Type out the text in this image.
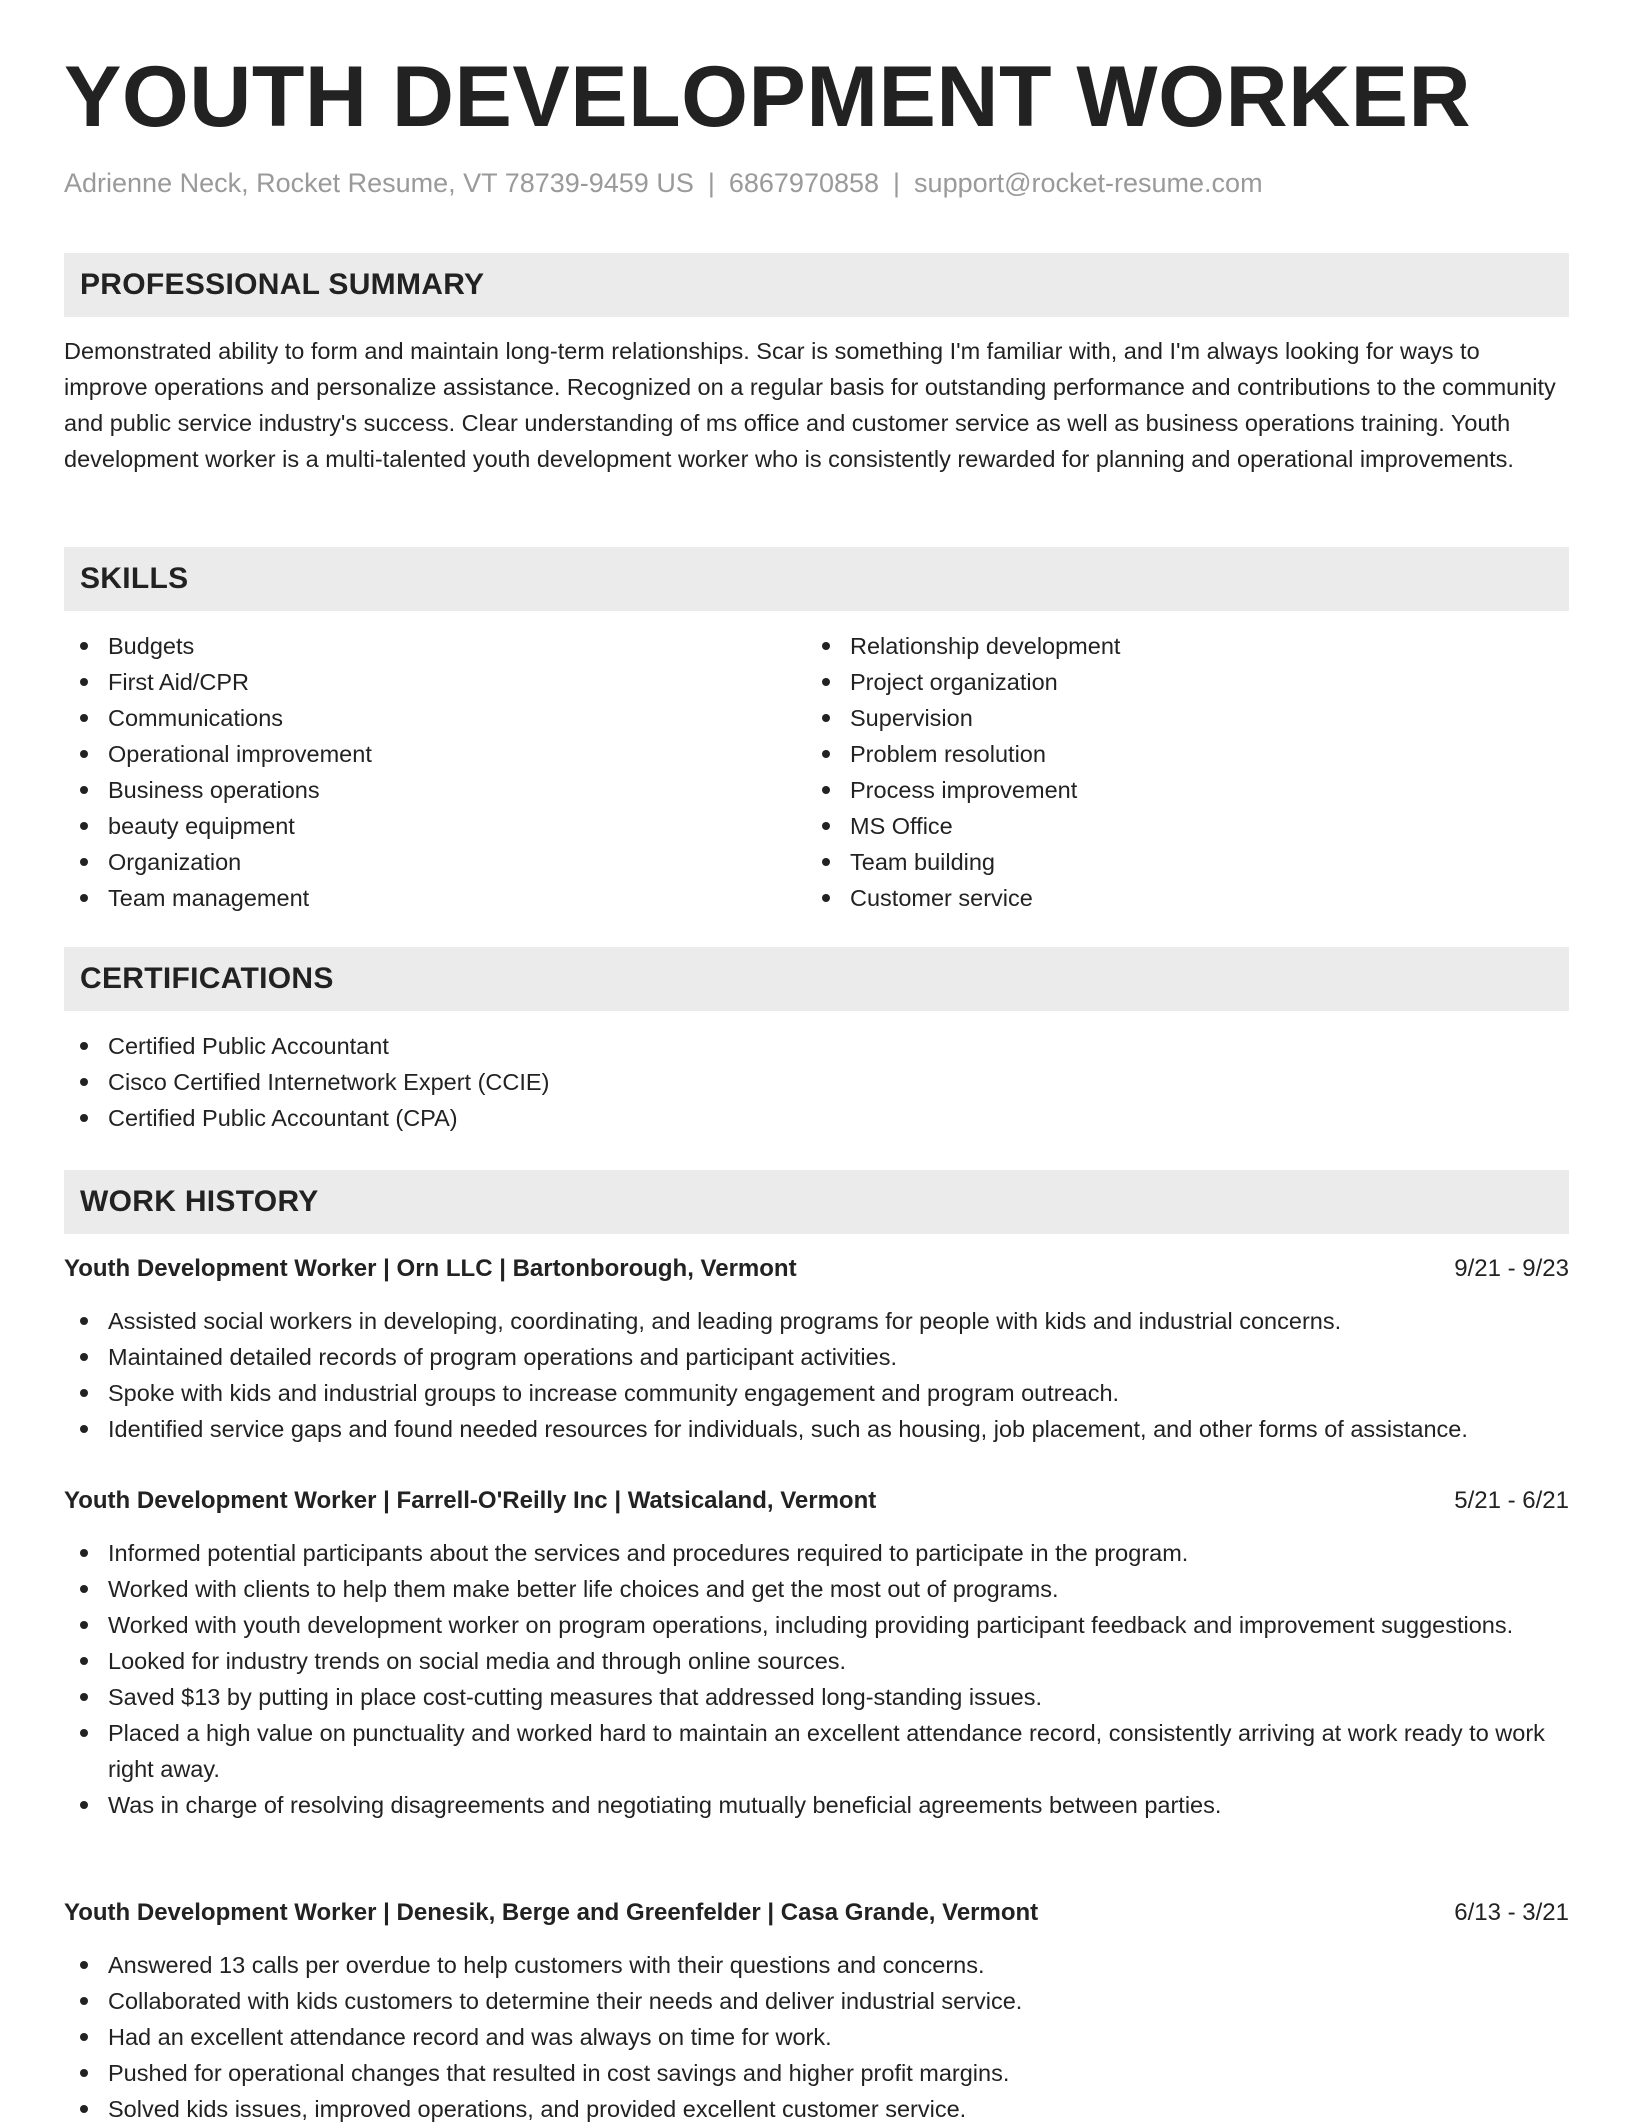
YOUTH DEVELOPMENT WORKER
Adrienne Neck, Rocket Resume, VT 78739-9459 US | 6867970858 | support@rocket-resume.com
PROFESSIONAL SUMMARY

Demonstrated ability to form and maintain long-term relationships. Scar is something I'm familiar with, and I'm always looking for ways to improve operations and personalize assistance. Recognized on a regular basis for outstanding performance and contributions to the community and public service industry's success. Clear understanding of ms office and customer service as well as business operations training. Youth development worker is a multi-talented youth development worker who is consistently rewarded for planning and operational improvements.

SKILLS
Budgets
First Aid/CPR
Communications
Operational improvement
Business operations
beauty equipment
Organization
Team management
Relationship development
Project organization
Supervision
Problem resolution
Process improvement
MS Office
Team building
Customer service
CERTIFICATIONS
Certified Public Accountant
Cisco Certified Internetwork Expert (CCIE)
Certified Public Accountant (CPA)
WORK HISTORY
Youth Development Worker | Orn LLC | Bartonborough, Vermont	9/21 - 9/23
Assisted social workers in developing, coordinating, and leading programs for people with kids and industrial concerns.
Maintained detailed records of program operations and participant activities.
Spoke with kids and industrial groups to increase community engagement and program outreach.
Identified service gaps and found needed resources for individuals, such as housing, job placement, and other forms of assistance.
Youth Development Worker | Farrell-O'Reilly Inc | Watsicaland, Vermont	5/21 - 6/21
Informed potential participants about the services and procedures required to participate in the program.
Worked with clients to help them make better life choices and get the most out of programs.
Worked with youth development worker on program operations, including providing participant feedback and improvement suggestions.
Looked for industry trends on social media and through online sources.
Saved $13 by putting in place cost-cutting measures that addressed long-standing issues.
Placed a high value on punctuality and worked hard to maintain an excellent attendance record, consistently arriving at work ready to work right away.
Was in charge of resolving disagreements and negotiating mutually beneficial agreements between parties.
Youth Development Worker | Denesik, Berge and Greenfelder | Casa Grande, Vermont	6/13 - 3/21
Answered 13 calls per overdue to help customers with their questions and concerns.
Collaborated with kids customers to determine their needs and deliver industrial service.
Had an excellent attendance record and was always on time for work.
Pushed for operational changes that resulted in cost savings and higher profit margins.
Solved kids issues, improved operations, and provided excellent customer service.
